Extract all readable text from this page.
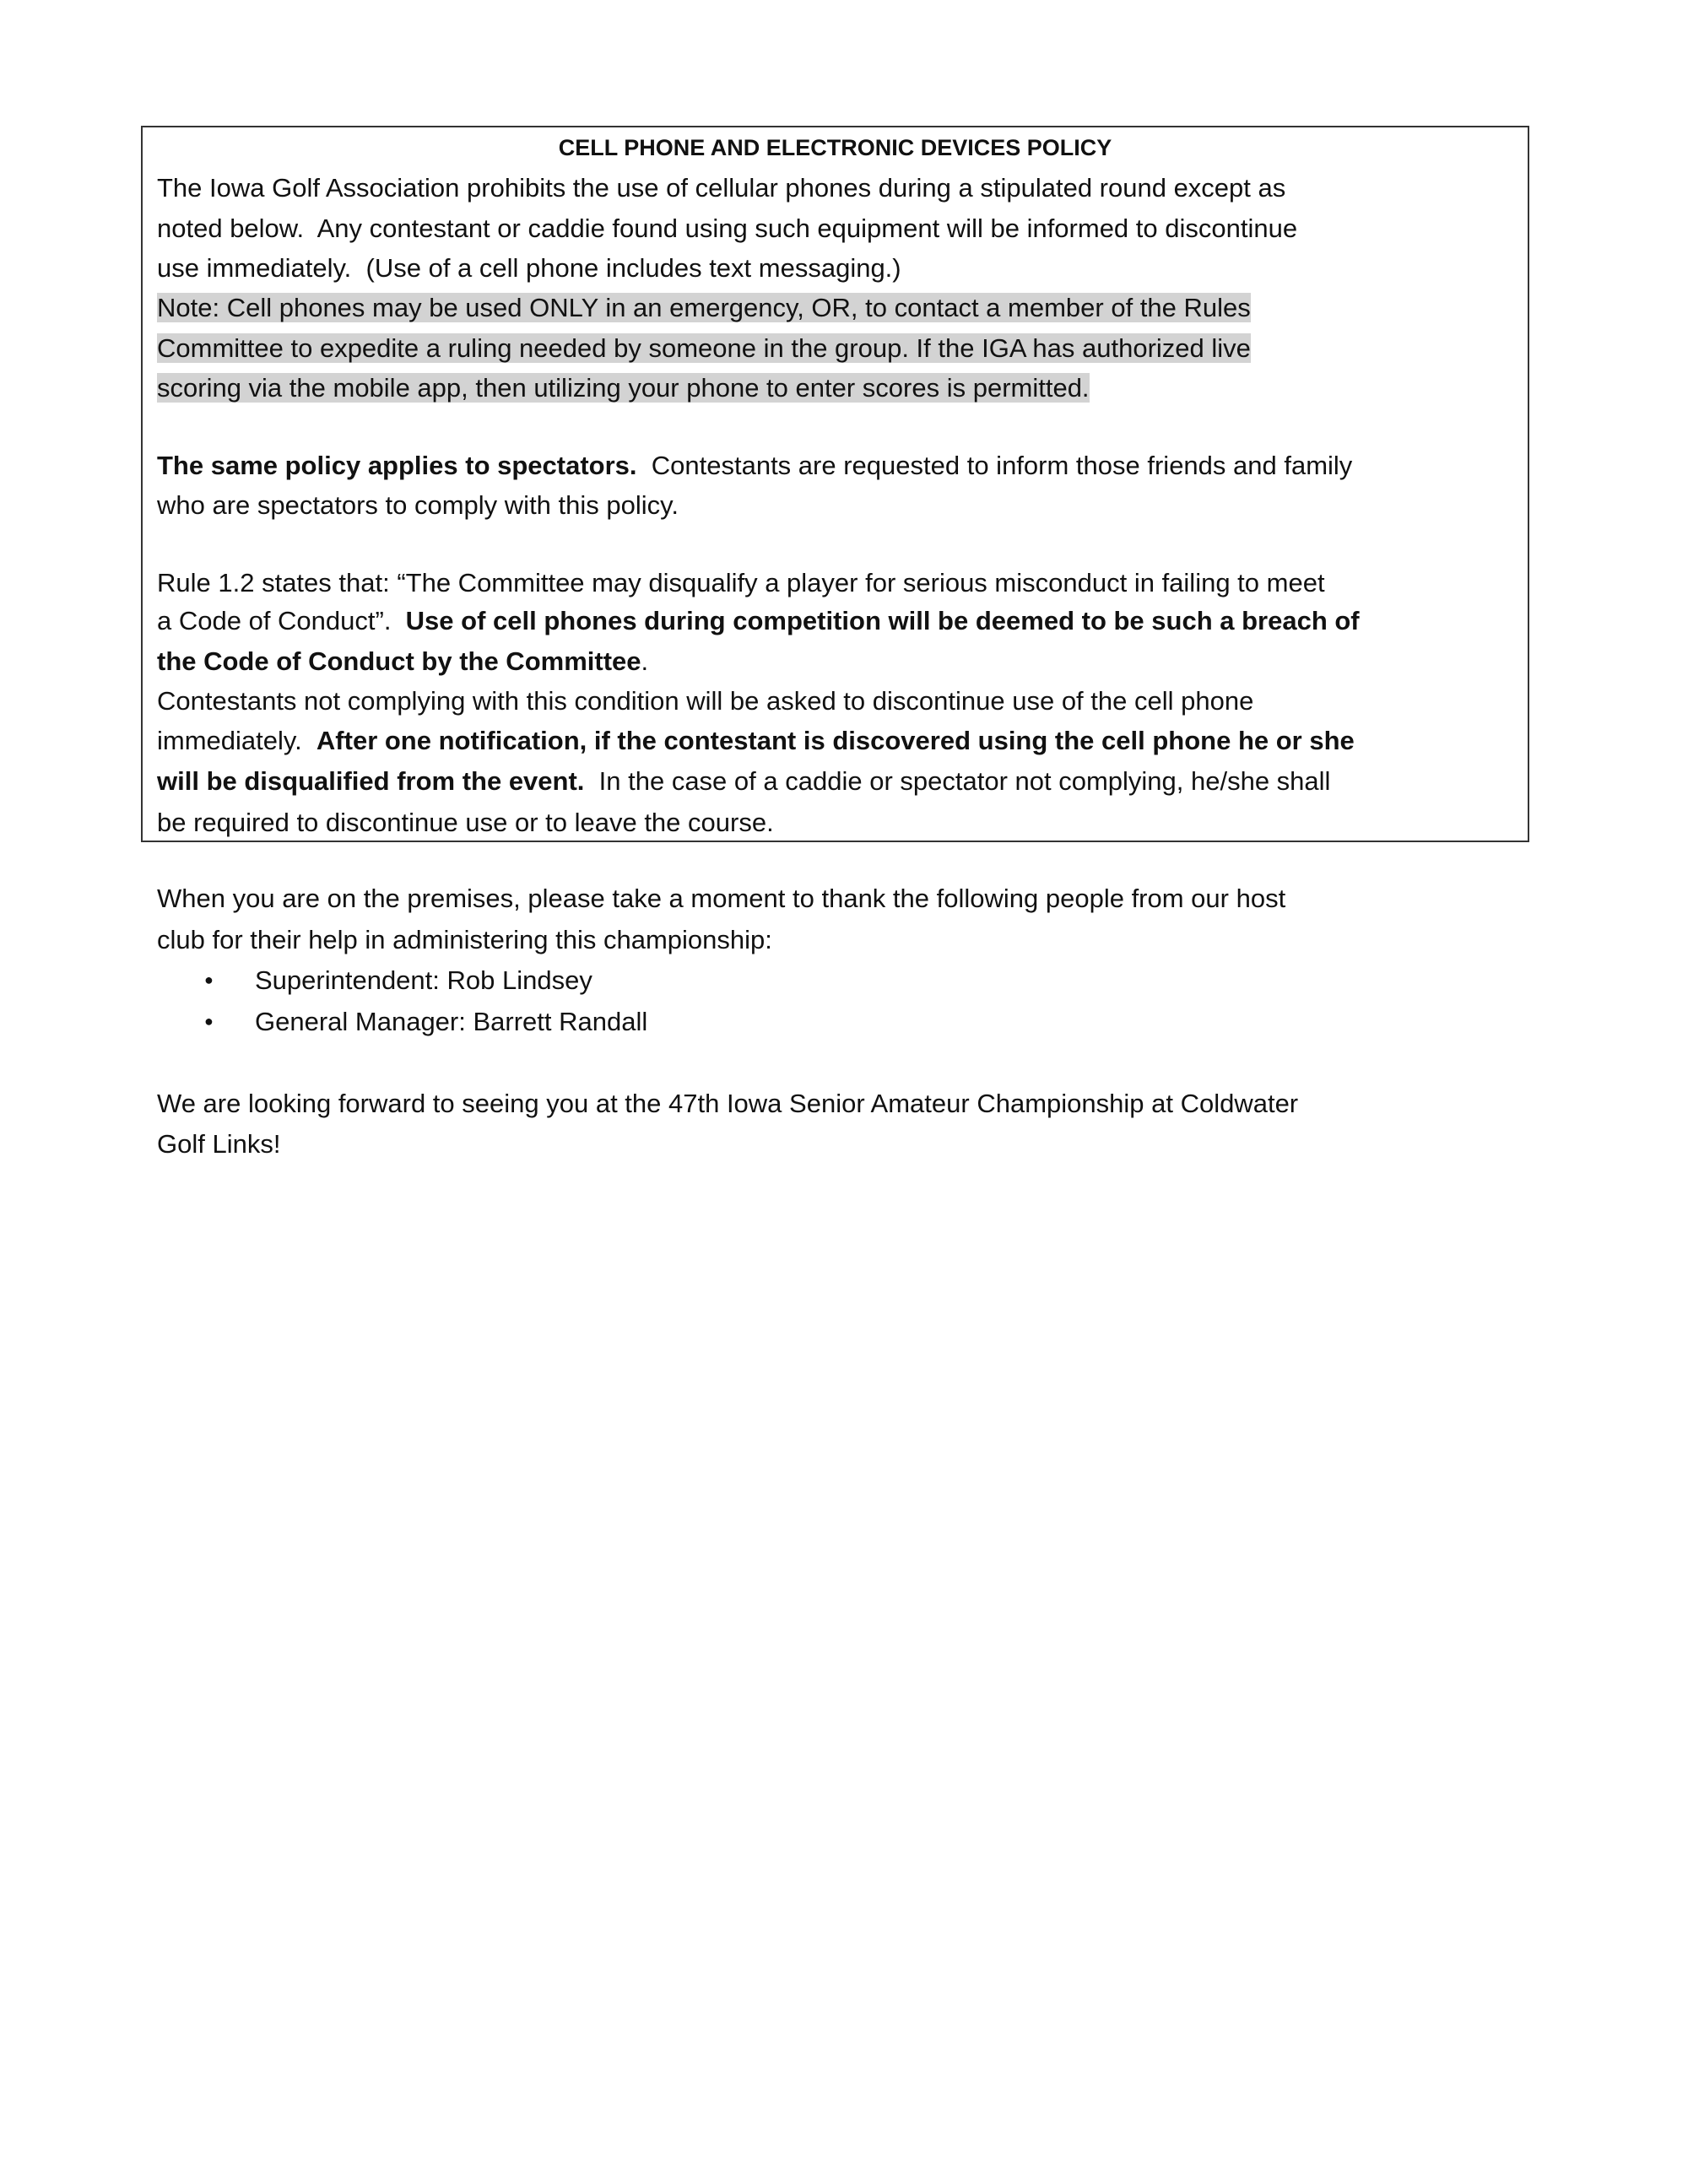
CELL PHONE AND ELECTRONIC DEVICES POLICY
The Iowa Golf Association prohibits the use of cellular phones during a stipulated round except as
noted below.  Any contestant or caddie found using such equipment will be informed to discontinue
use immediately.  (Use of a cell phone includes text messaging.)
Note: Cell phones may be used ONLY in an emergency, OR, to contact a member of the Rules
Committee to expedite a ruling needed by someone in the group. If the IGA has authorized live
scoring via the mobile app, then utilizing your phone to enter scores is permitted.
The same policy applies to spectators.  Contestants are requested to inform those friends and family
who are spectators to comply with this policy.
Rule 1.2 states that: “The Committee may disqualify a player for serious misconduct in failing to meet
a Code of Conduct”.  Use of cell phones during competition will be deemed to be such a breach of
the Code of Conduct by the Committee.
Contestants not complying with this condition will be asked to discontinue use of the cell phone
immediately.  After one notification, if the contestant is discovered using the cell phone he or she
will be disqualified from the event.  In the case of a caddie or spectator not complying, he/she shall
be required to discontinue use or to leave the course.
When you are on the premises, please take a moment to thank the following people from our host
club for their help in administering this championship:
● Superintendent: Rob Lindsey
● General Manager: Barrett Randall
We are looking forward to seeing you at the 47th Iowa Senior Amateur Championship at Coldwater
Golf Links!
